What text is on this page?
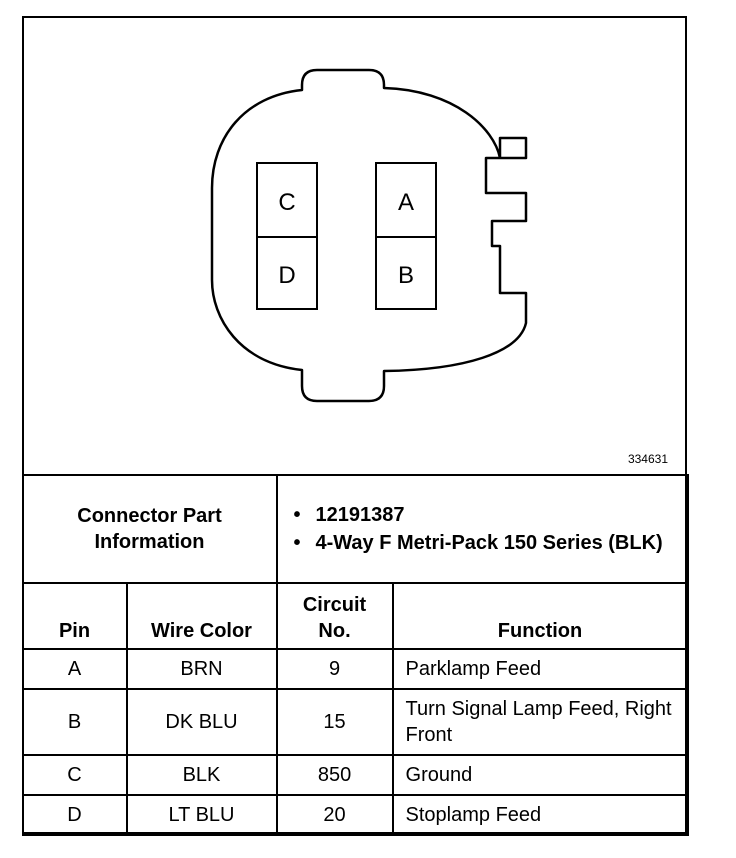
C	A
D	B
334631
Connector Part Information		• 12191387
• 4-Way F Metri-Pack 150 Series (BLK)	

Pin	Wire Color	Circuit No.	Function
A	BRN	9	Parklamp Feed
B	DK BLU	15	Turn Signal Lamp Feed, Right Front
C	BLK	850	Ground
D	LT BLU	20	Stoplamp Feed
